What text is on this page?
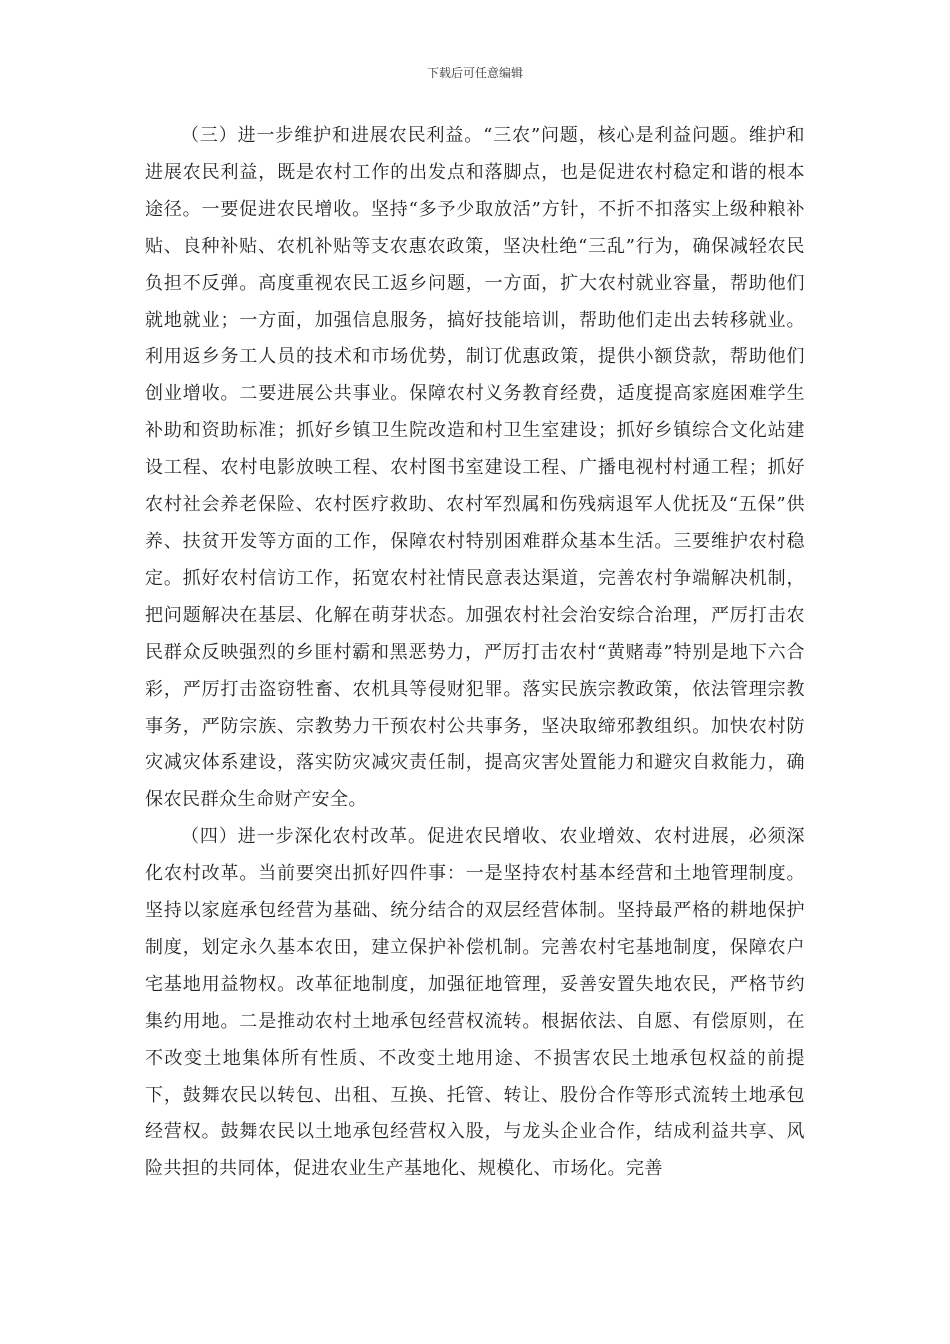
下载后可任意编辑

（三）进一步维护和进展农民利益。“三农”问题，核心是利益问题。维护和进展农民利益，既是农村工作的出发点和落脚点，也是促进农村稳定和谐的根本途径。一要促进农民增收。坚持“多予少取放活”方针，不折不扣落实上级种粮补贴、良种补贴、农机补贴等支农惠农政策，坚决杜绝“三乱”行为，确保减轻农民负担不反弹。高度重视农民工返乡问题，一方面，扩大农村就业容量，帮助他们就地就业；一方面，加强信息服务，搞好技能培训，帮助他们走出去转移就业。利用返乡务工人员的技术和市场优势，制订优惠政策，提供小额贷款，帮助他们创业增收。二要进展公共事业。保障农村义务教育经费，适度提高家庭困难学生补助和资助标准；抓好乡镇卫生院改造和村卫生室建设；抓好乡镇综合文化站建设工程、农村电影放映工程、农村图书室建设工程、广播电视村村通工程；抓好农村社会养老保险、农村医疗救助、农村军烈属和伤残病退军人优抚及“五保”供养、扶贫开发等方面的工作，保障农村特别困难群众基本生活。三要维护农村稳定。抓好农村信访工作，拓宽农村社情民意表达渠道，完善农村争端解决机制，把问题解决在基层、化解在萌芽状态。加强农村社会治安综合治理，严厉打击农民群众反映强烈的乡匪村霸和黑恶势力，严厉打击农村“黄赌毒”特别是地下六合彩，严厉打击盗窃牲畜、农机具等侵财犯罪。落实民族宗教政策，依法管理宗教事务，严防宗族、宗教势力干预农村公共事务，坚决取缔邪教组织。加快农村防灾减灾体系建设，落实防灾减灾责任制，提高灾害处置能力和避灾自救能力，确保农民群众生命财产安全。

（四）进一步深化农村改革。促进农民增收、农业增效、农村进展，必须深化农村改革。当前要突出抓好四件事：一是坚持农村基本经营和土地管理制度。坚持以家庭承包经营为基础、统分结合的双层经营体制。坚持最严格的耕地保护制度，划定永久基本农田，建立保护补偿机制。完善农村宅基地制度，保障农户宅基地用益物权。改革征地制度，加强征地管理，妥善安置失地农民，严格节约集约用地。二是推动农村土地承包经营权流转。根据依法、自愿、有偿原则，在不改变土地集体所有性质、不改变土地用途、不损害农民土地承包权益的前提下，鼓舞农民以转包、出租、互换、托管、转让、股份合作等形式流转土地承包经营权。鼓舞农民以土地承包经营权入股，与龙头企业合作，结成利益共享、风险共担的共同体，促进农业生产基地化、规模化、市场化。完善
